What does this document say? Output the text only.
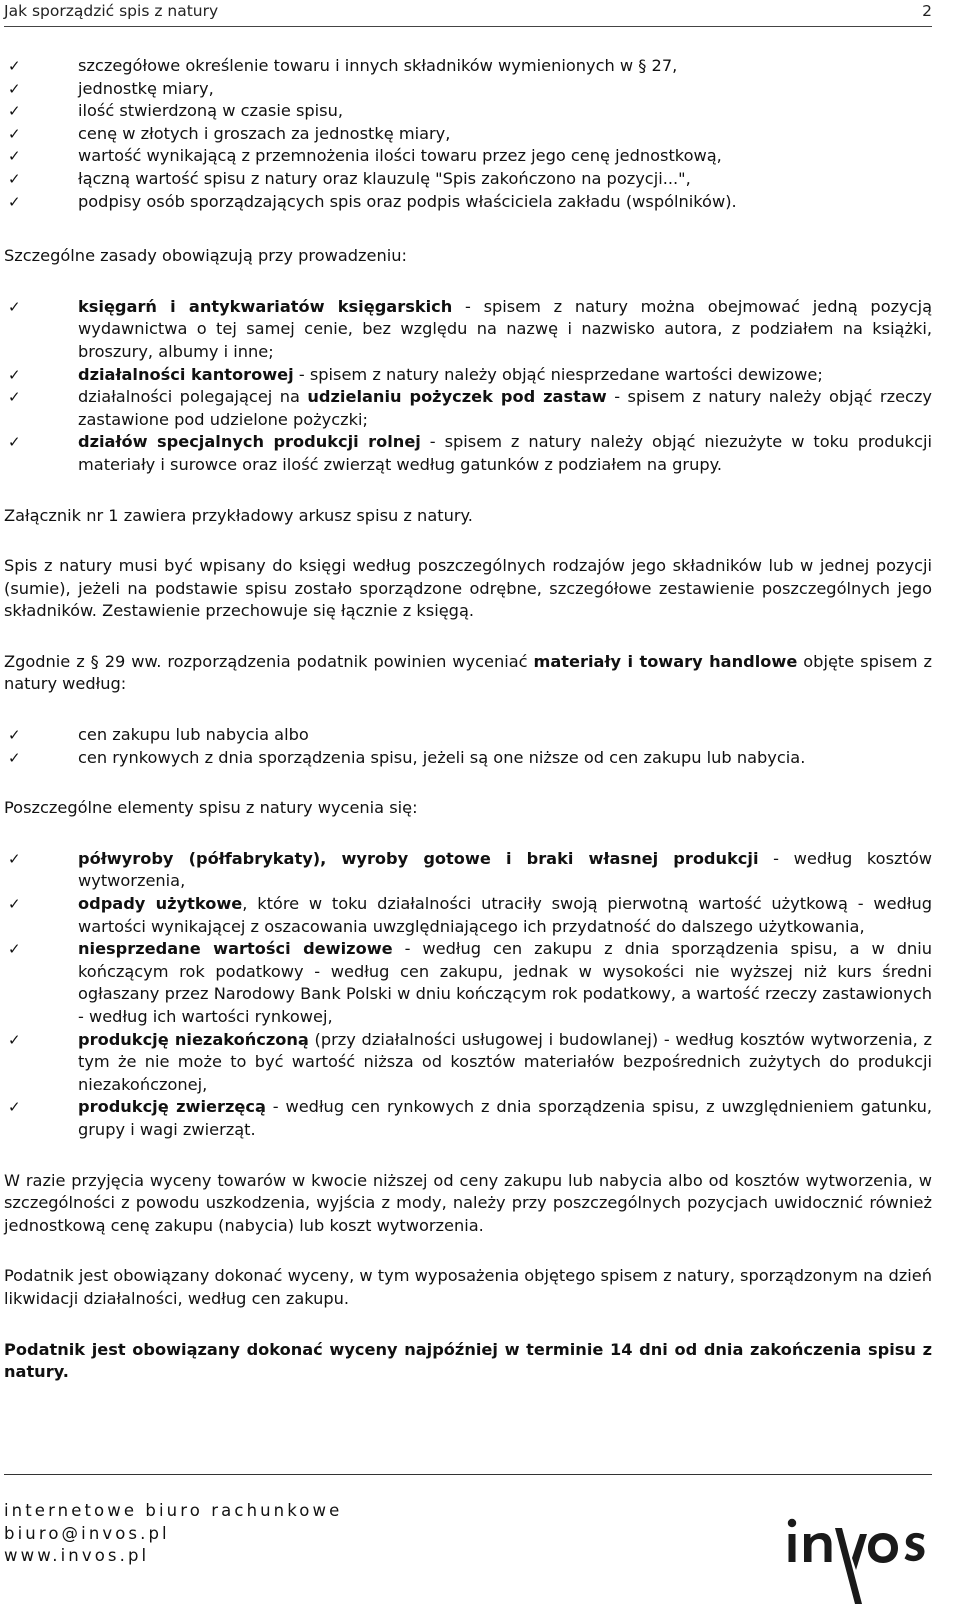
Jak sporządzić spis z natury	2
✓	szczegółowe określenie towaru i innych składników wymienionych w § 27,
✓	jednostkę miary,
✓	ilość stwierdzoną w czasie spisu,
✓	cenę w złotych i groszach za jednostkę miary,
✓	wartość wynikającą z przemnożenia ilości towaru przez jego cenę jednostkową,
✓	łączną wartość spisu z natury oraz klauzulę "Spis zakończono na pozycji...",
✓	podpisy osób sporządzających spis oraz podpis właściciela zakładu (wspólników).

Szczególne zasady obowiązują przy prowadzeniu:

✓	księgarń i antykwariatów księgarskich - spisem z natury można obejmować jedną pozycją wydawnictwa o tej samej cenie, bez względu na nazwę i nazwisko autora, z podziałem na książki, broszury, albumy i inne;
✓	działalności kantorowej - spisem z natury należy objąć niesprzedane wartości dewizowe;
✓	działalności polegającej na udzielaniu pożyczek pod zastaw - spisem z natury należy objąć rzeczy zastawione pod udzielone pożyczki;
✓	działów specjalnych produkcji rolnej - spisem z natury należy objąć niezużyte w toku produkcji materiały i surowce oraz ilość zwierząt według gatunków z podziałem na grupy.

Załącznik nr 1 zawiera przykładowy arkusz spisu z natury.

Spis z natury musi być wpisany do księgi według poszczególnych rodzajów jego składników lub w jednej pozycji (sumie), jeżeli na podstawie spisu zostało sporządzone odrębne, szczegółowe zestawienie poszczególnych jego składników. Zestawienie przechowuje się łącznie z księgą.

Zgodnie z § 29 ww. rozporządzenia podatnik powinien wyceniać materiały i towary handlowe objęte spisem z natury według:

✓	cen zakupu lub nabycia albo
✓	cen rynkowych z dnia sporządzenia spisu, jeżeli są one niższe od cen zakupu lub nabycia.

Poszczególne elementy spisu z natury wycenia się:

✓	półwyroby (półfabrykaty), wyroby gotowe i braki własnej produkcji - według kosztów wytworzenia,
✓	odpady użytkowe, które w toku działalności utraciły swoją pierwotną wartość użytkową - według wartości wynikającej z oszacowania uwzględniającego ich przydatność do dalszego użytkowania,
✓	niesprzedane wartości dewizowe - według cen zakupu z dnia sporządzenia spisu, a w dniu kończącym rok podatkowy - według cen zakupu, jednak w wysokości nie wyższej niż kurs średni ogłaszany przez Narodowy Bank Polski w dniu kończącym rok podatkowy, a wartość rzeczy zastawionych - według ich wartości rynkowej,
✓	produkcję niezakończoną (przy działalności usługowej i budowlanej) - według kosztów wytworzenia, z tym że nie może to być wartość niższa od kosztów materiałów bezpośrednich zużytych do produkcji niezakończonej,
✓	produkcję zwierzęcą - według cen rynkowych z dnia sporządzenia spisu, z uwzględnieniem gatunku, grupy i wagi zwierząt.

W razie przyjęcia wyceny towarów w kwocie niższej od ceny zakupu lub nabycia albo od kosztów wytworzenia, w szczególności z powodu uszkodzenia, wyjścia z mody, należy przy poszczególnych pozycjach uwidocznić również jednostkową cenę zakupu (nabycia) lub koszt wytworzenia.

Podatnik jest obowiązany dokonać wyceny, w tym wyposażenia objętego spisem z natury, sporządzonym na dzień likwidacji działalności, według cen zakupu.

Podatnik jest obowiązany dokonać wyceny najpóźniej w terminie 14 dni od dnia zakończenia spisu z natury.

internetowe biuro rachunkowe
biuro@invos.pl
www.invos.pl
